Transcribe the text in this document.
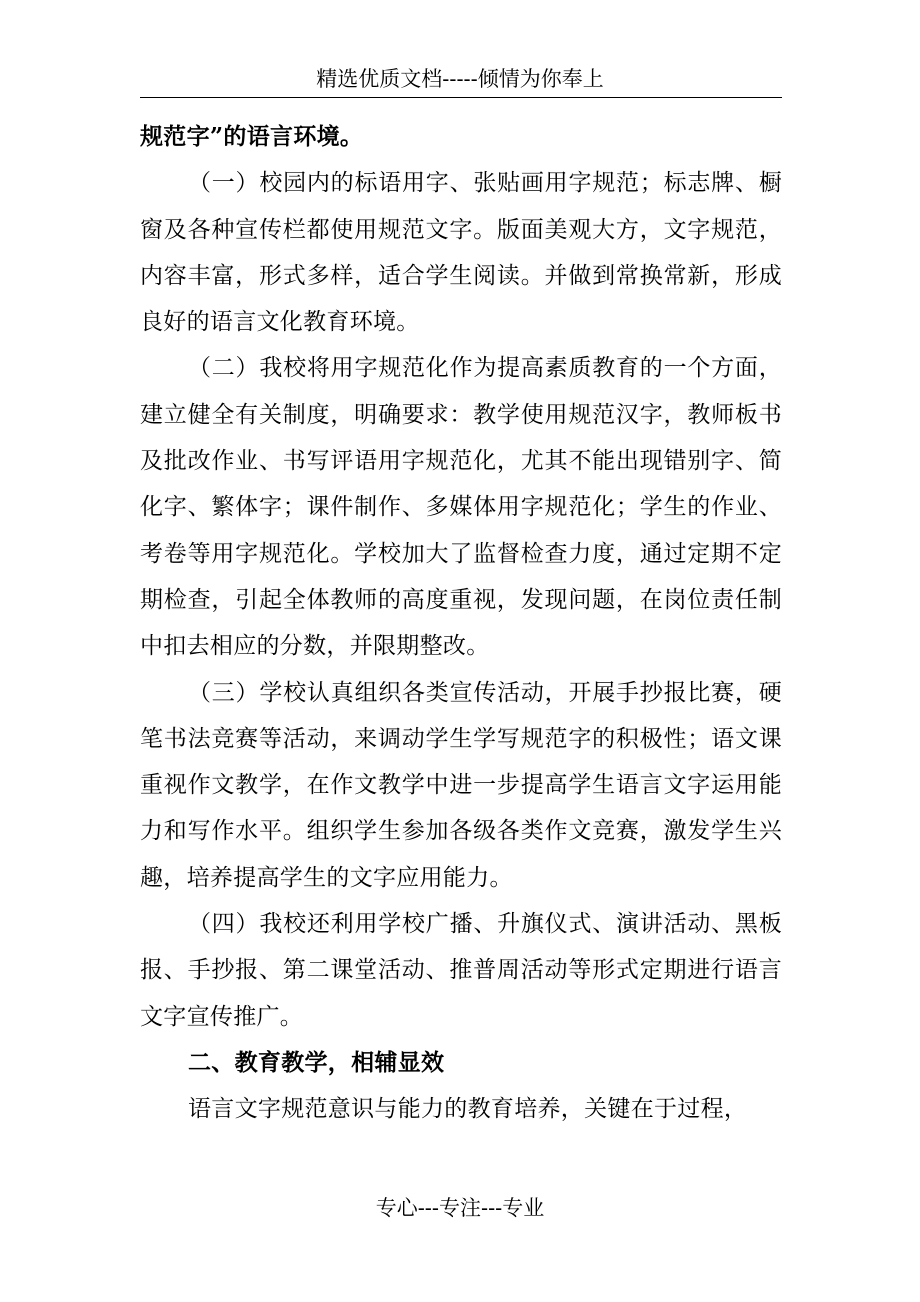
精选优质文档-----倾情为你奉上

规范字”的语言环境。

（一）校园内的标语用字、张贴画用字规范；标志牌、橱窗及各种宣传栏都使用规范文字。版面美观大方，文字规范，内容丰富，形式多样，适合学生阅读。并做到常换常新，形成良好的语言文化教育环境。

（二）我校将用字规范化作为提高素质教育的一个方面，建立健全有关制度，明确要求：教学使用规范汉字，教师板书及批改作业、书写评语用字规范化，尤其不能出现错别字、简化字、繁体字；课件制作、多媒体用字规范化；学生的作业、考卷等用字规范化。学校加大了监督检查力度，通过定期不定期检查，引起全体教师的高度重视，发现问题，在岗位责任制中扣去相应的分数，并限期整改。

（三）学校认真组织各类宣传活动，开展手抄报比赛，硬笔书法竞赛等活动，来调动学生学写规范字的积极性；语文课重视作文教学，在作文教学中进一步提高学生语言文字运用能力和写作水平。组织学生参加各级各类作文竞赛，激发学生兴趣，培养提高学生的文字应用能力。

（四）我校还利用学校广播、升旗仪式、演讲活动、黑板报、手抄报、第二课堂活动、推普周活动等形式定期进行语言文字宣传推广。

二、教育教学，相辅显效

语言文字规范意识与能力的教育培养，关键在于过程，

专心---专注---专业
